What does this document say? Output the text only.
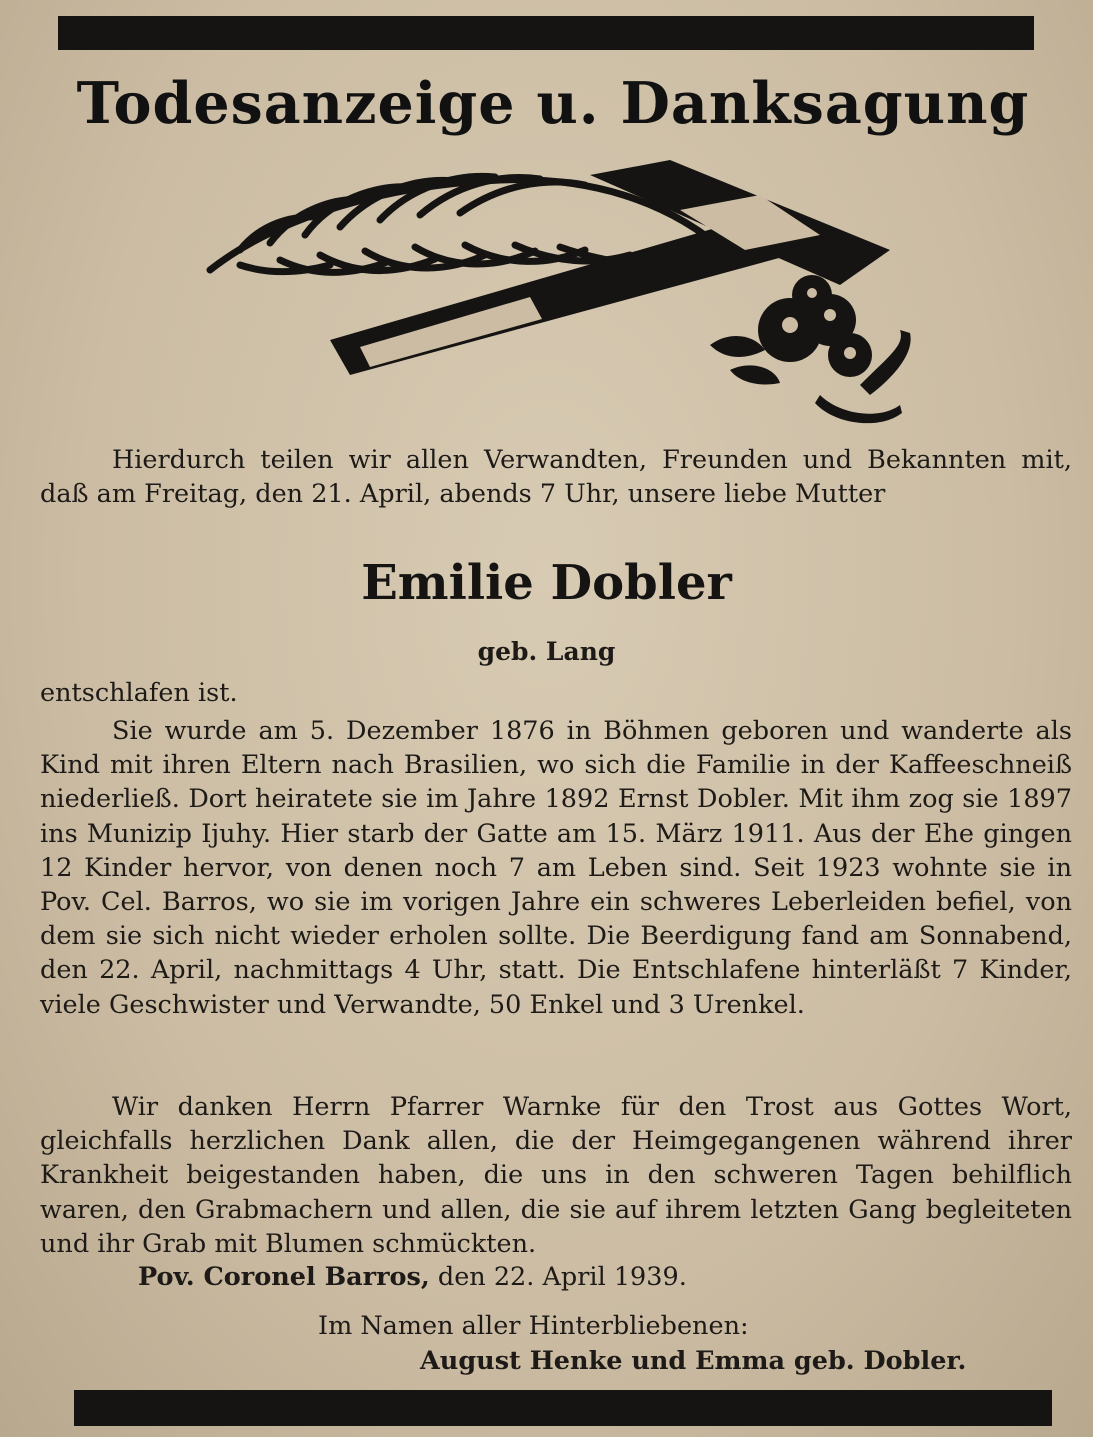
Todesanzeige u. Danksagung

Hierdurch teilen wir allen Verwandten, Freunden und Bekannten mit, daß am Freitag, den 21. April, abends 7 Uhr, unsere liebe Mutter

Emilie Dobler
geb. Lang

entschlafen ist.

Sie wurde am 5. Dezember 1876 in Böhmen geboren und wanderte als Kind mit ihren Eltern nach Brasilien, wo sich die Familie in der Kaffeeschneiß niederließ. Dort heiratete sie im Jahre 1892 Ernst Dobler. Mit ihm zog sie 1897 ins Munizip Ijuhy. Hier starb der Gatte am 15. März 1911. Aus der Ehe gingen 12 Kinder hervor, von denen noch 7 am Leben sind. Seit 1923 wohnte sie in Pov. Cel. Barros, wo sie im vorigen Jahre ein schweres Leberleiden befiel, von dem sie sich nicht wieder erholen sollte. Die Beerdigung fand am Sonnabend, den 22. April, nachmittags 4 Uhr, statt. Die Entschlafene hinterläßt 7 Kinder, viele Geschwister und Verwandte, 50 Enkel und 3 Urenkel.

Wir danken Herrn Pfarrer Warnke für den Trost aus Gottes Wort, gleichfalls herzlichen Dank allen, die der Heimgegangenen während ihrer Krankheit beigestanden haben, die uns in den schweren Tagen behilflich waren, den Grabmachern und allen, die sie auf ihrem letzten Gang begleiteten und ihr Grab mit Blumen schmückten.

Pov. Coronel Barros, den 22. April 1939.
Im Namen aller Hinterbliebenen:
August Henke und Emma geb. Dobler.
